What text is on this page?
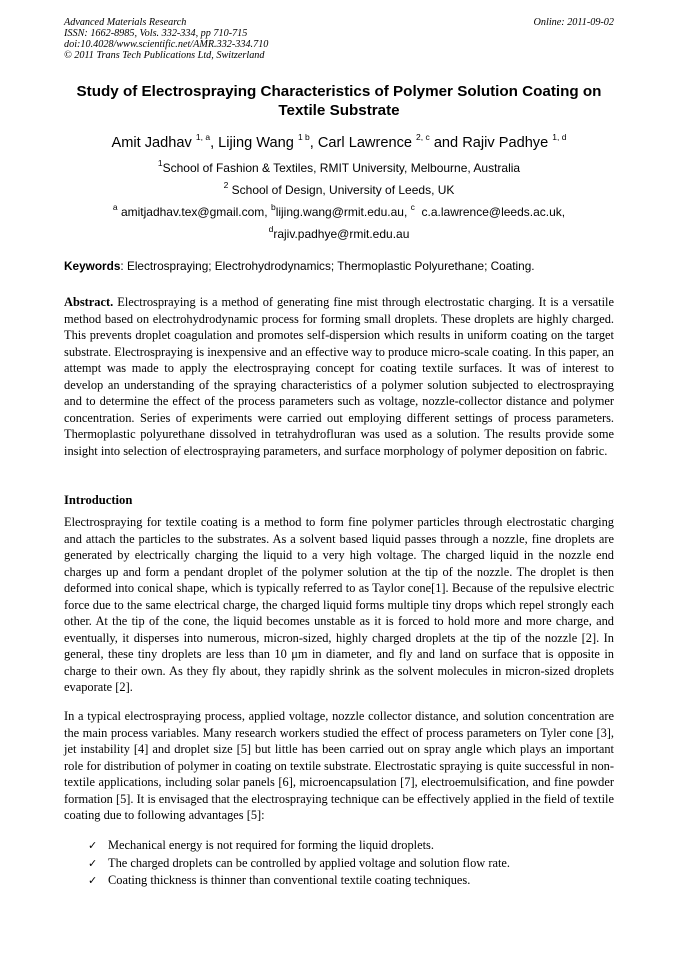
Advanced Materials Research
ISSN: 1662-8985, Vols. 332-334, pp 710-715
doi:10.4028/www.scientific.net/AMR.332-334.710
© 2011 Trans Tech Publications Ltd, Switzerland
Online: 2011-09-02
Study of Electrospraying Characteristics of Polymer Solution Coating on Textile Substrate
Amit Jadhav $^{1, a}$, Lijing Wang $^{1 b}$, Carl Lawrence $^{2, c}$ and Rajiv Padhye $^{1, d}$
$^1$School of Fashion & Textiles, RMIT University, Melbourne, Australia
$^2$ School of Design, University of Leeds, UK
$^a$ amitjadhav.tex@gmail.com, $^b$lijing.wang@rmit.edu.au, $^c$ c.a.lawrence@leeds.ac.uk,
$^d$rajiv.padhye@rmit.edu.au
Keywords: Electrospraying; Electrohydrodynamics; Thermoplastic Polyurethane; Coating.
Abstract. Electrospraying is a method of generating fine mist through electrostatic charging. It is a versatile method based on electrohydrodynamic process for forming small droplets. These droplets are highly charged. This prevents droplet coagulation and promotes self-dispersion which results in uniform coating on the target substrate. Electrospraying is inexpensive and an effective way to produce micro-scale coating. In this paper, an attempt was made to apply the electrospraying concept for coating textile surfaces. It was of interest to develop an understanding of the spraying characteristics of a polymer solution subjected to electrospraying and to determine the effect of the process parameters such as voltage, nozzle-collector distance and polymer concentration. Series of experiments were carried out employing different settings of process parameters. Thermoplastic polyurethane dissolved in tetrahydrofluran was used as a solution. The results provide some insight into selection of electrospraying parameters, and surface morphology of polymer deposition on fabric.
Introduction
Electrospraying for textile coating is a method to form fine polymer particles through electrostatic charging and attach the particles to the substrates. As a solvent based liquid passes through a nozzle, fine droplets are generated by electrically charging the liquid to a very high voltage. The charged liquid in the nozzle end charges up and form a pendant droplet of the polymer solution at the tip of the nozzle. The droplet is then deformed into conical shape, which is typically referred to as Taylor cone[1]. Because of the repulsive electric force due to the same electrical charge, the charged liquid forms multiple tiny drops which repel strongly each other. At the tip of the cone, the liquid becomes unstable as it is forced to hold more and more charge, and eventually, it disperses into numerous, micron-sized, highly charged droplets at the tip of the nozzle [2]. In general, these tiny droplets are less than 10 μm in diameter, and fly and land on surface that is opposite in charge to their own. As they fly about, they rapidly shrink as the solvent molecules in micron-sized droplets evaporate [2].
In a typical electrospraying process, applied voltage, nozzle collector distance, and solution concentration are the main process variables. Many research workers studied the effect of process parameters on Tyler cone [3], jet instability [4] and droplet size [5] but little has been carried out on spray angle which plays an important role for distribution of polymer in coating on textile substrate. Electrostatic spraying is quite successful in non-textile applications, including solar panels [6], microencapsulation [7], electroemulsification, and fine powder formation [5]. It is envisaged that the electrospraying technique can be effectively applied in the field of textile coating due to following advantages [5]:
✓ Mechanical energy is not required for forming the liquid droplets.
✓ The charged droplets can be controlled by applied voltage and solution flow rate.
✓ Coating thickness is thinner than conventional textile coating techniques.
